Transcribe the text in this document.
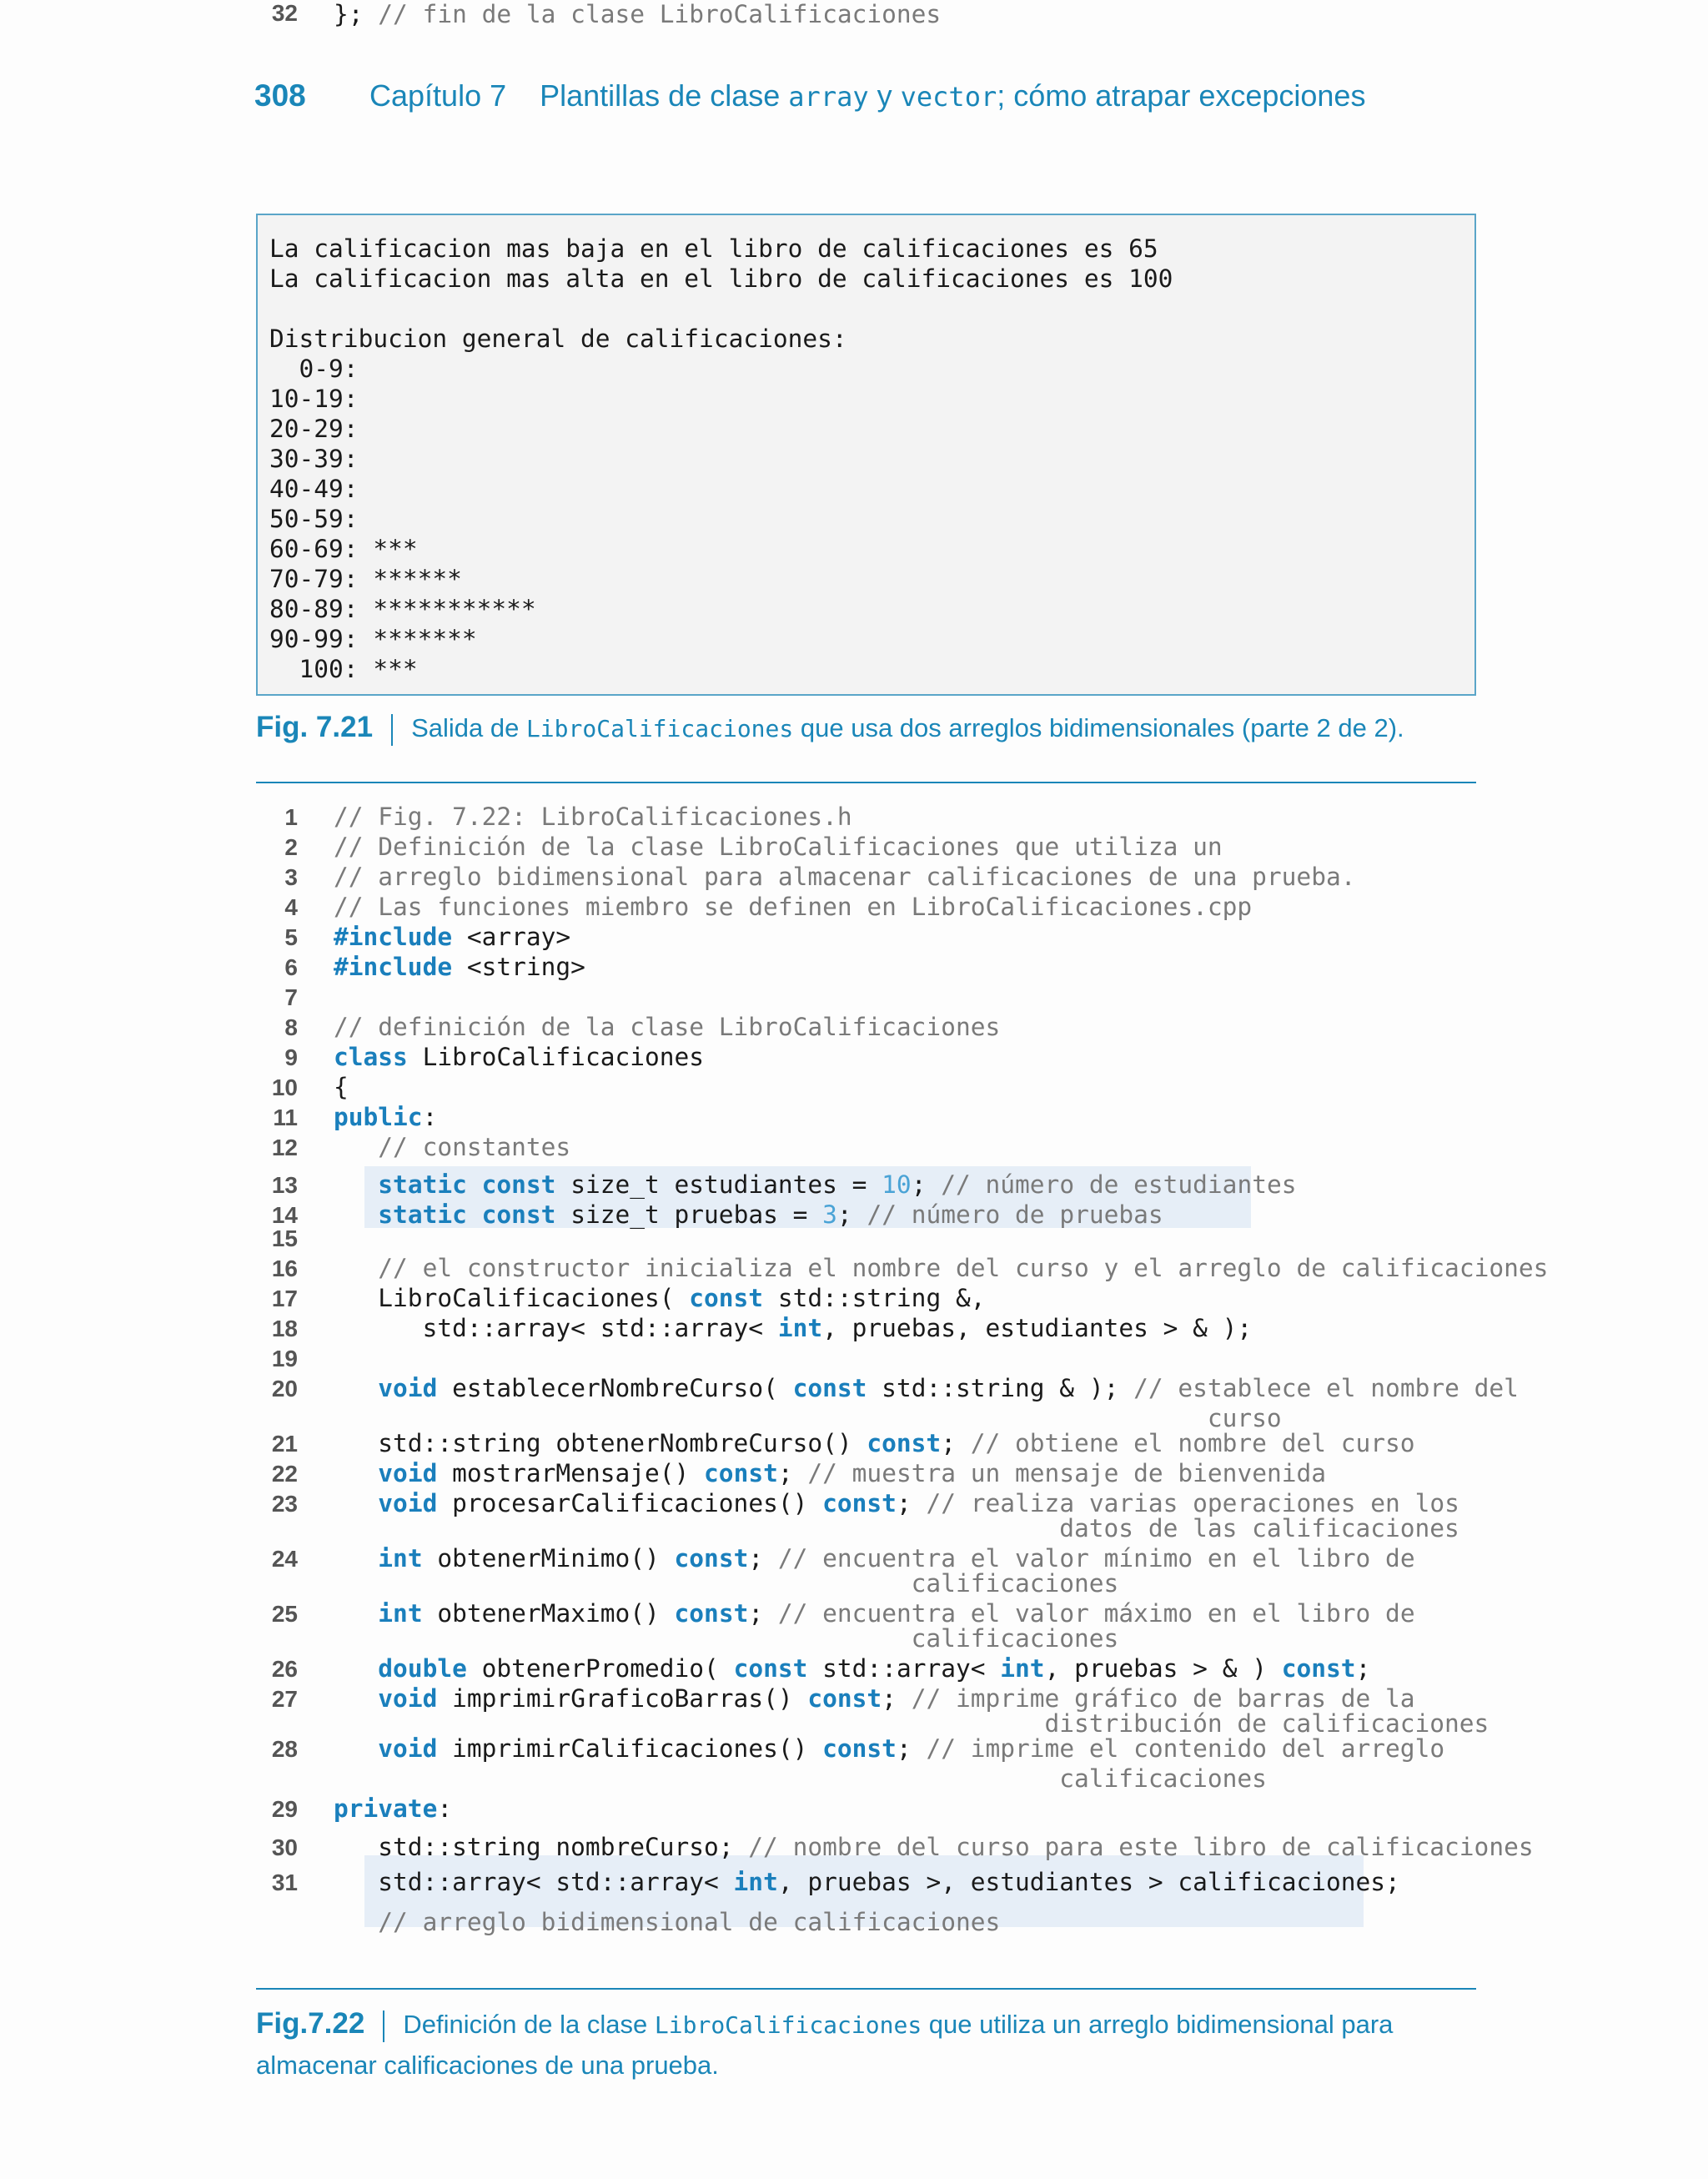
308 Capítulo 7 Plantillas de clase array y vector; cómo atrapar excepciones
La calificacion mas baja en el libro de calificaciones es 65
La calificacion mas alta en el libro de calificaciones es 100
Distribucion general de calificaciones:
0-9:
10-19:
20-29:
30-39:
40-49:
50-59:
60-69: ***
70-79: ******
80-89: ***********
90-99: *******
100: ***
Fig. 7.21 Salida de LibroCalificaciones que usa dos arreglos bidimensionales (parte 2 de 2).
1 // Fig. 7.22: LibroCalificaciones.h
2 // Definición de la clase LibroCalificaciones que utiliza un
3 // arreglo bidimensional para almacenar calificaciones de una prueba.
4 // Las funciones miembro se definen en LibroCalificaciones.cpp
5 #include <array>
6 #include <string>
7
8 // definición de la clase LibroCalificaciones
9 class LibroCalificaciones
10 {
11 public:
12	// constantes
13	static const size_t estudiantes = 10; // número de estudiantes
14	static const size_t pruebas = 3; // número de pruebas
15
16	// el constructor inicializa el nombre del curso y el arreglo de calificaciones
17 LibroCalificaciones( const std::string &,
18 std::array< std::array< int, pruebas, estudiantes > & );
19
20	void establecerNombreCurso( const std::string & ); // establece el nombre del
curso
21 std::string obtenerNombreCurso() const; // obtiene el nombre del curso
22	void mostrarMensaje() const; // muestra un mensaje de bienvenida
23	void procesarCalificaciones() const; // realiza varias operaciones en los
datos de las calificaciones
24	int obtenerMinimo() const; // encuentra el valor mínimo en el libro de
calificaciones
25	int obtenerMaximo() const; // encuentra el valor máximo en el libro de
calificaciones
26	double obtenerPromedio( const std::array< int, pruebas > & ) const;
27	void imprimirGraficoBarras() const; // imprime gráfico de barras de la
distribución de calificaciones
28	void imprimirCalificaciones() const; // imprime el contenido del arreglo
calificaciones
29 private:
30 std::string nombreCurso; // nombre del curso para este libro de calificaciones
31 std::array< std::array< int, pruebas >, estudiantes > calificaciones;
// arreglo bidimensional de calificaciones
32 }; // fin de la clase LibroCalificaciones
Fig.7.22 Definición de la clase LibroCalificaciones que utiliza un arreglo bidimensional para
almacenar calificaciones de una prueba.
